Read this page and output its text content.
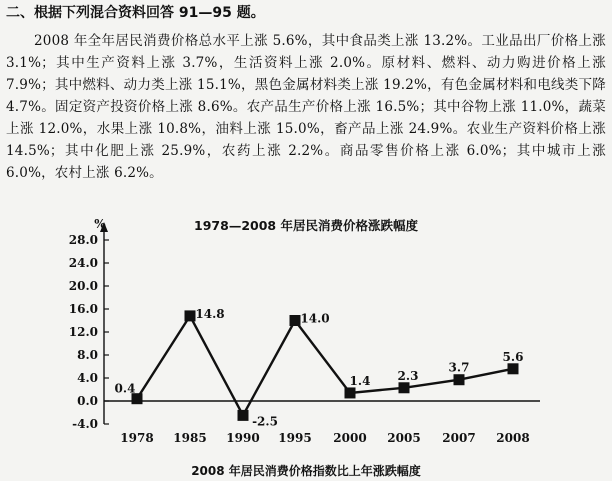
二、根据下列混合资料回答 91—95 题。
2008 年全年居民消费价格总水平上涨 5.6%，其中食品类上涨 13.2%。工业品出厂价格上涨 3.1%；其中生产资料上涨 3.7%，生活资料上涨 2.0%。原材料、燃料、动力购进价格上涨 7.9%；其中燃料、动力类上涨 15.1%，黑色金属材料类上涨 19.2%，有色金属材料和电线类下降 4.7%。固定资产投资价格上涨 8.6%。农产品生产价格上涨 16.5%；其中谷物上涨 11.0%，蔬菜上涨 12.0%，水果上涨 10.8%，油料上涨 15.0%，畜产品上涨 24.9%。农业生产资料价格上涨 14.5%；其中化肥上涨 25.9%，农药上涨 2.2%。商品零售价格上涨 6.0%；其中城市上涨 6.0%，农村上涨 6.2%。
1978—2008 年居民消费价格涨跌幅度
28.0
24.0
20.0
16.0
12.0
8.0
4.0
0.0
-4.0
1978 1985 1990 1995 2000 2005 2007 2008
0.4
14.8
-2.5
14.0
1.4 2.3
3.7
5.6
%
2008 年居民消费价格指数比上年涨跌幅度
